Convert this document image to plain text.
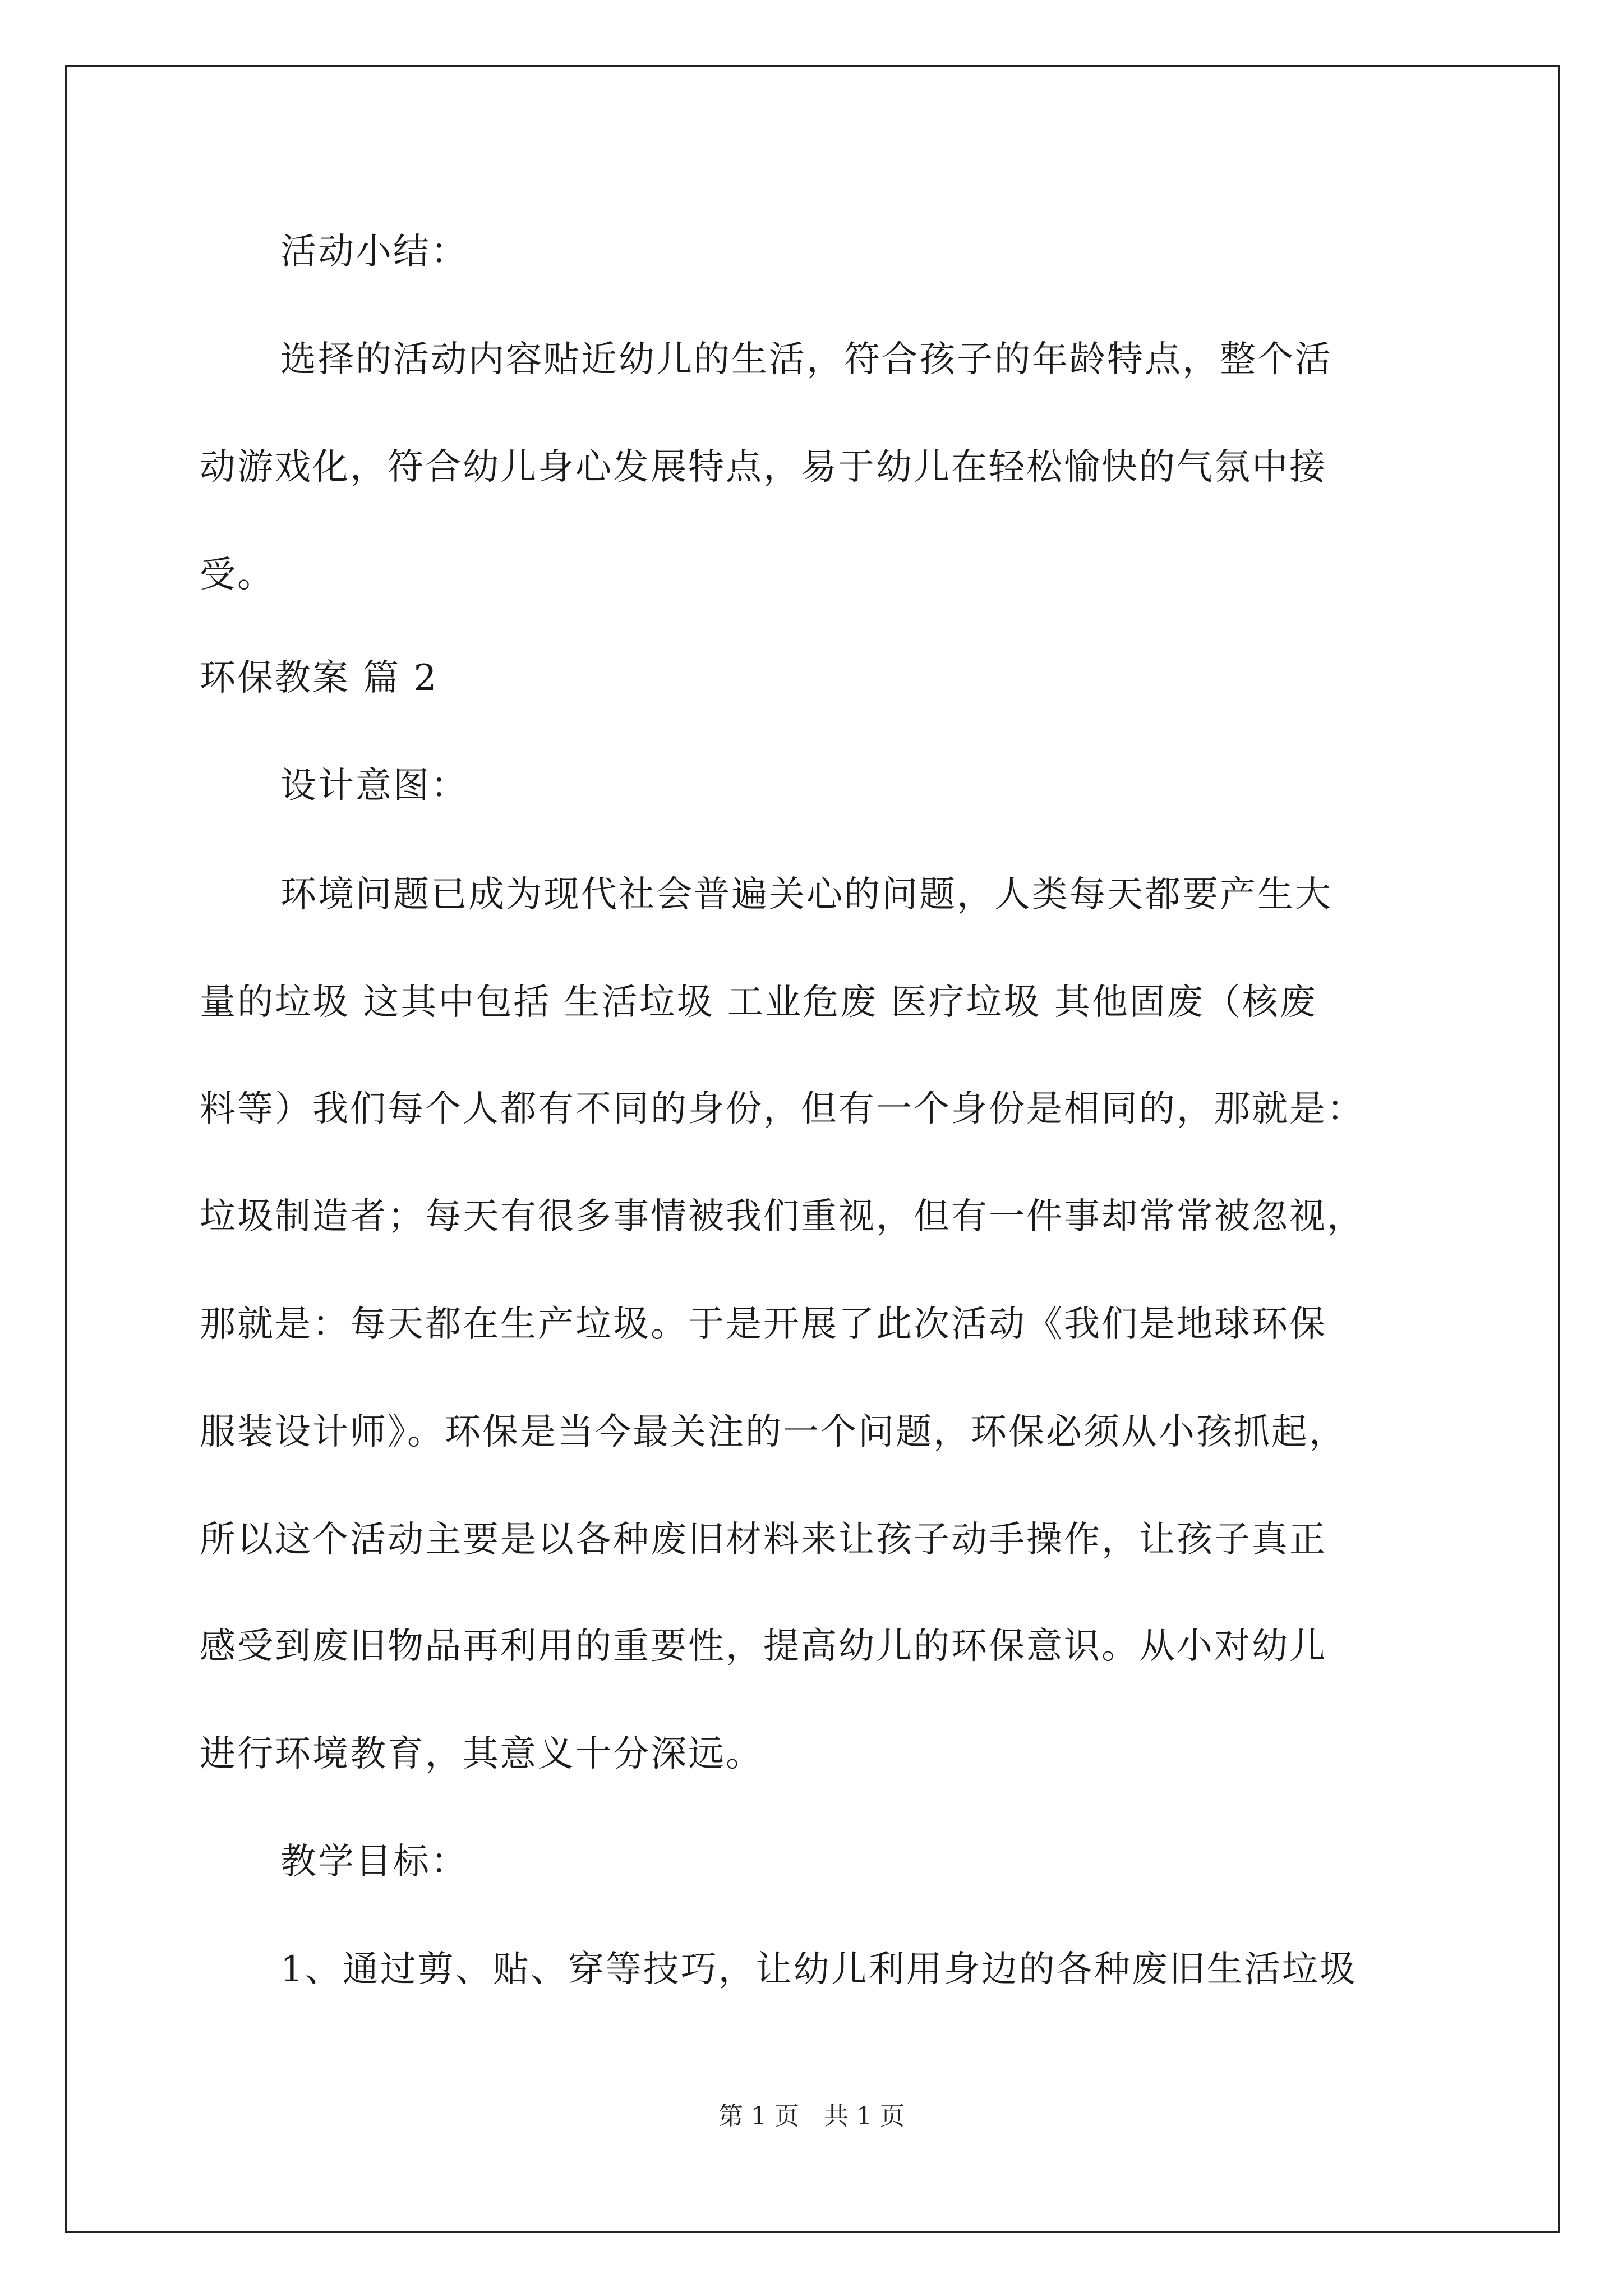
活动小结：
选择的活动内容贴近幼儿的生活，符合孩子的年龄特点，整个活
动游戏化，符合幼儿身心发展特点，易于幼儿在轻松愉快的气氛中接
受。
环保教案 篇 2
设计意图：
环境问题已成为现代社会普遍关心的问题，人类每天都要产生大
量的垃圾 这其中包括 生活垃圾 工业危废 医疗垃圾 其他固废（核废
料等）我们每个人都有不同的身份，但有一个身份是相同的，那就是：
垃圾制造者；每天有很多事情被我们重视，但有一件事却常常被忽视，
那就是：每天都在生产垃圾。于是开展了此次活动《我们是地球环保
服装设计师》。环保是当今最关注的一个问题，环保必须从小孩抓起，
所以这个活动主要是以各种废旧材料来让孩子动手操作，让孩子真正
感受到废旧物品再利用的重要性，提高幼儿的环保意识。从小对幼儿
进行环境教育，其意义十分深远。
教学目标：
1、通过剪、贴、穿等技巧，让幼儿利用身边的各种废旧生活垃圾
第 1 页　共 1 页
